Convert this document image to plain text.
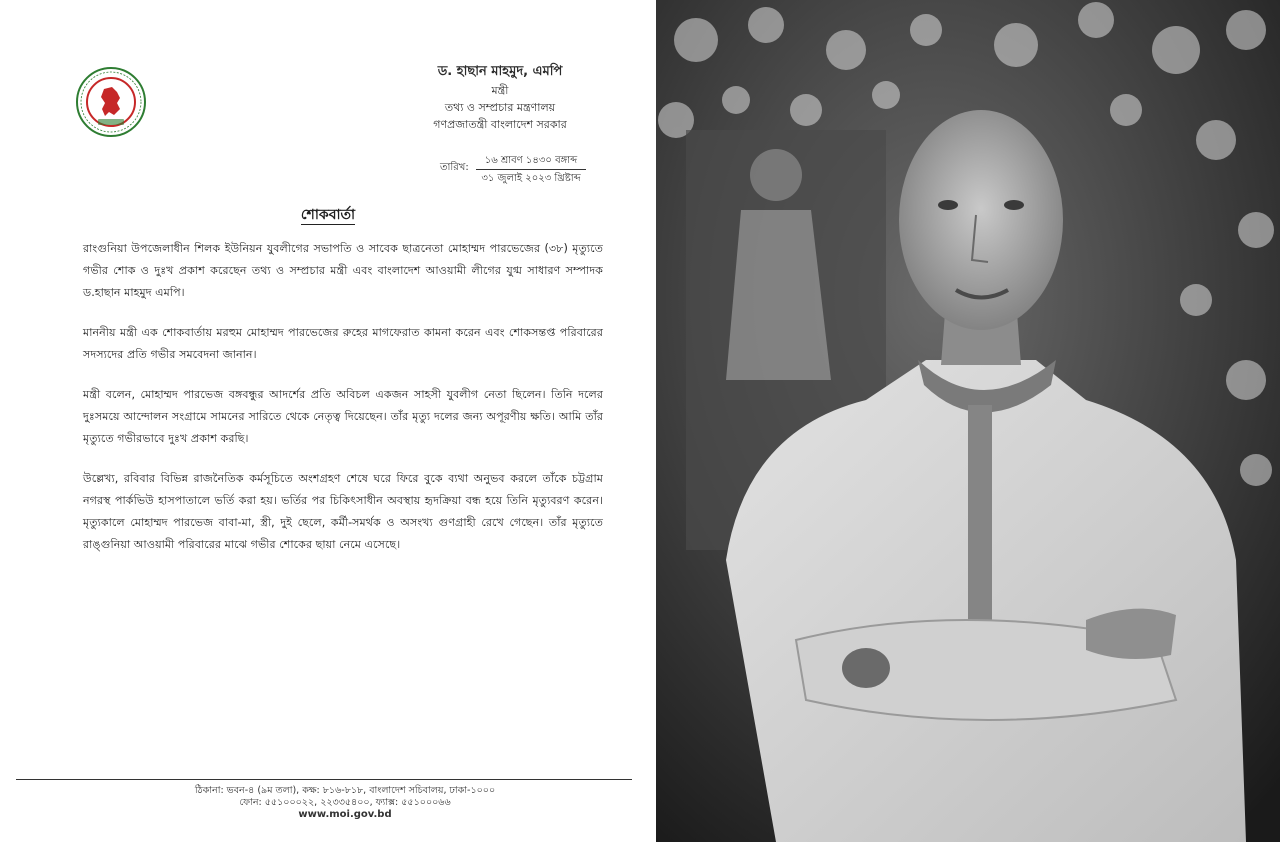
ড. হাছান মাহমুদ, এমপি
মন্ত্রী
তথ্য ও সম্প্রচার মন্ত্রণালয়
গণপ্রজাতন্ত্রী বাংলাদেশ সরকার
তারিখ:
১৬ শ্রাবণ ১৪৩০ বঙ্গাব্দ
৩১ জুলাই ২০২৩ খ্রিষ্টাব্দ
শোকবার্তা

রাংগুনিয়া উপজেলাধীন শিলক ইউনিয়ন যুবলীগের সভাপতি ও সাবেক ছাত্রনেতা মোহাম্মদ পারভেজের (৩৮) মৃত্যুতে গভীর শোক ও দুঃখ প্রকাশ করেছেন তথ্য ও সম্প্রচার মন্ত্রী এবং বাংলাদেশ আওয়ামী লীগের যুগ্ম সাধারণ সম্পাদক ড.হাছান মাহমুদ এমপি।

মাননীয় মন্ত্রী এক শোকবার্তায় মরহুম মোহাম্মদ পারভেজের রুহের মাগফেরাত কামনা করেন এবং শোকসন্তপ্ত পরিবারের সদস্যদের প্রতি গভীর সমবেদনা জানান।

মন্ত্রী বলেন, মোহাম্মদ পারভেজ বঙ্গবন্ধুর আদর্শের প্রতি অবিচল একজন সাহসী যুবলীগ নেতা ছিলেন। তিনি দলের দুঃসময়ে আন্দোলন সংগ্রামে সামনের সারিতে থেকে নেতৃত্ব দিয়েছেন। তাঁর মৃত্যু দলের জন্য অপূরণীয় ক্ষতি। আমি তাঁর মৃত্যুতে গভীরভাবে দুঃখ প্রকাশ করছি।

উল্লেখ্য, রবিবার বিভিন্ন রাজনৈতিক কর্মসূচিতে অংশগ্রহণ শেষে ঘরে ফিরে বুকে ব্যথা অনুভব করলে তাঁকে চট্টগ্রাম নগরস্থ পার্কভিউ হাসপাতালে ভর্তি করা হয়। ভর্তির পর চিকিৎসাধীন অবস্থায় হৃদক্রিয়া বন্ধ হয়ে তিনি মৃত্যুবরণ করেন। মৃত্যুকালে মোহাম্মদ পারভেজ বাবা-মা, স্ত্রী, দুই ছেলে, কর্মী-সমর্থক ও অসংখ্য গুণগ্রাহী রেখে গেছেন। তাঁর মৃত্যুতে রাঙ্গুনিয়া আওয়ামী পরিবারের মাঝে গভীর শোকের ছায়া নেমে এসেছে।

ঠিকানা: ভবন-৪ (৯ম তলা), কক্ষ: ৮১৬-৮১৮, বাংলাদেশ সচিবালয়, ঢাকা-১০০০
ফোন: ৫৫১০০০২২, ২২৩৩৫৪০০, ফ্যাক্স: ৫৫১০০০৬৬
www.moi.gov.bd
